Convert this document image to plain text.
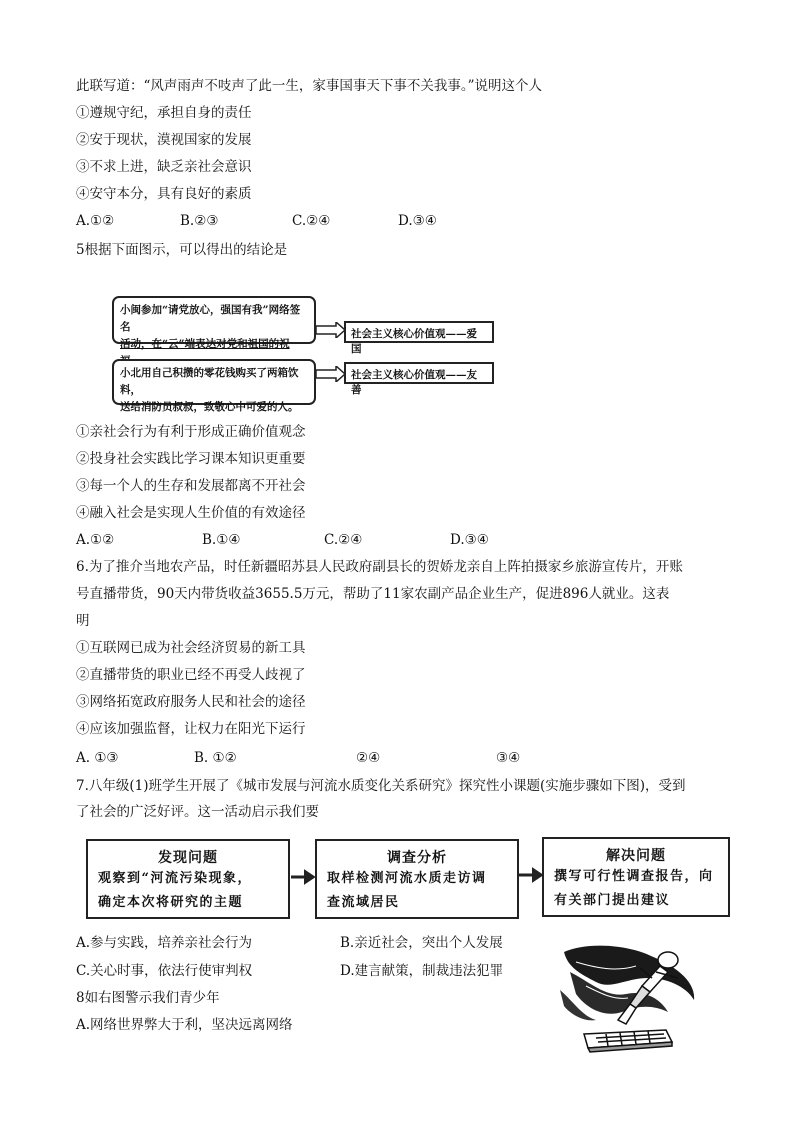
此联写道：“风声雨声不吱声了此一生，家事国事天下事不关我事。”说明这个人
①遵规守纪，承担自身的责任
②安于现状，漠视国家的发展
③不求上进，缺乏亲社会意识
④安守本分，具有良好的素质
A.①②	B.②③	C.②④	D.③④
5根据下面图示，可以得出的结论是
小闽参加“请党放心，强国有我”网络签名
活动，在“云”端表达对党和祖国的祝
社会主义核心价值观——爱国
小北用自己积攒的零花钱购买了两箱饮料，
送给消防员叔叔，致敬心中可爱的人。
社会主义核心价值观——友善
①亲社会行为有利于形成正确价值观念
②投身社会实践比学习课本知识更重要
③每一个人的生存和发展都离不开社会
④融入社会是实现人生价值的有效途径
A.①②	B.①④	C.②④	D.③④
6.为了推介当地农产品，时任新疆昭苏县人民政府副县长的贺娇龙亲自上阵拍摄家乡旅游宣传片，开账
号直播带货，90天内带货收益3655.5万元，帮助了11家农副产品企业生产，促进896人就业。这表
明
①互联网已成为社会经济贸易的新工具
②直播带货的职业已经不再受人歧视了
③网络拓宽政府服务人民和社会的途径
④应该加强监督，让权力在阳光下运行
A. ①③	B. ①②	②④	③④
7.八年级(1)班学生开展了《城市发展与河流水质变化关系研究》探究性小课题(实施步骤如下图)，受到
了社会的广泛好评。这一活动启示我们要
发现问题
观察到“河流污染现象，
确定本次将研究的主题
调查分析
取样检测河流水质走访调
查流域居民
解决问题
撰写可行性调查报告，向
有关部门提出建议
A.参与实践，培养亲社会行为	B.亲近社会，突出个人发展
C.关心时事，依法行使审判权	D.建言献策，制裁违法犯罪
8如右图警示我们青少年
A.网络世界弊大于利，坚决远离网络
